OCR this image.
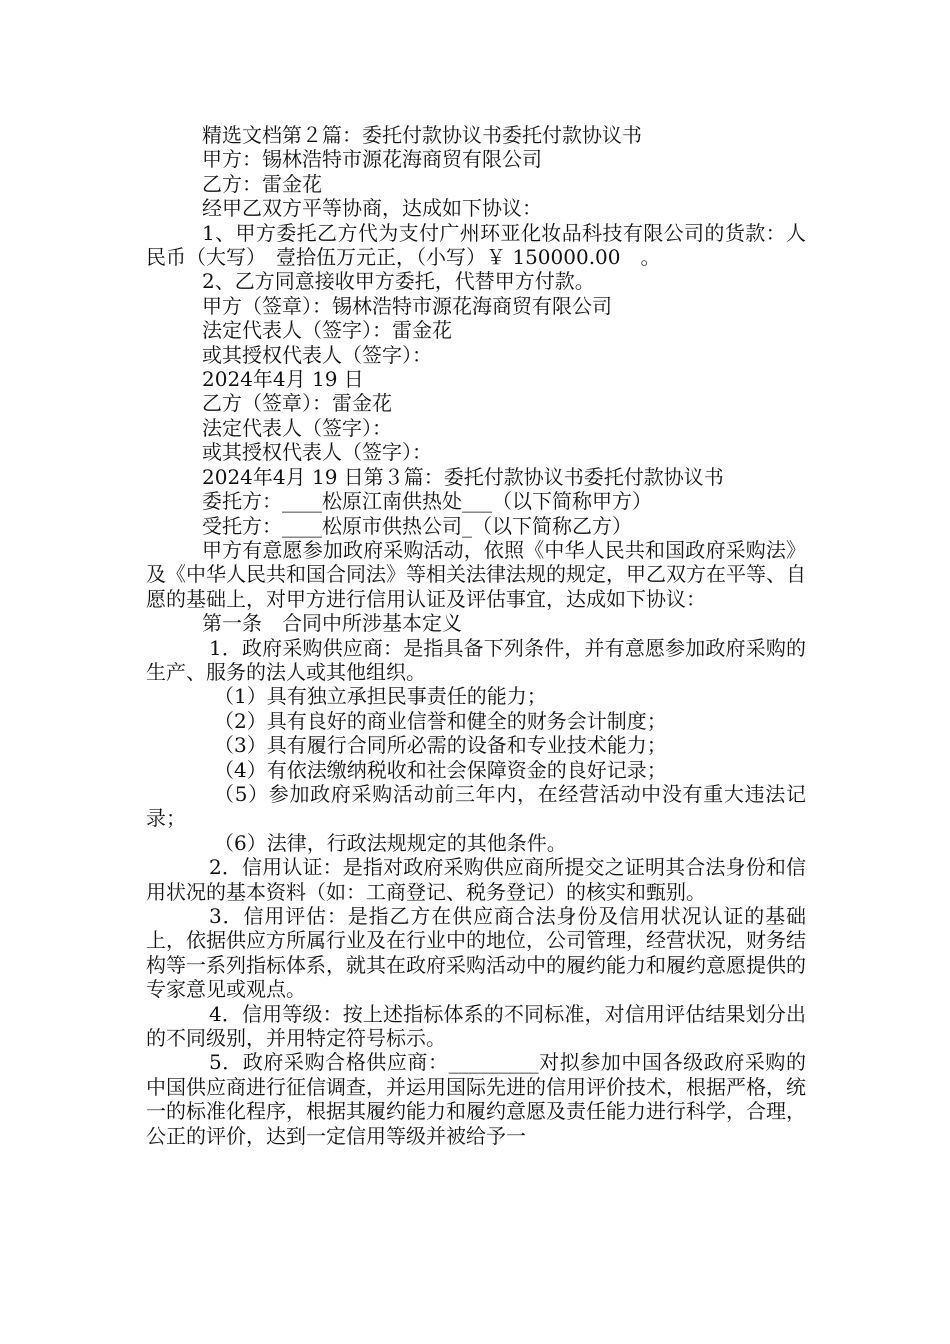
精选文档第２篇：委托付款协议书委托付款协议书

甲方：锡林浩特市源花海商贸有限公司

乙方：雷金花

经甲乙双方平等协商，达成如下协议：

1、甲方委托乙方代为支付广州环亚化妆品科技有限公司的货款：人民币（大写）　壹拾伍万元正，（小写）￥ 150000.00　。

2、乙方同意接收甲方委托，代替甲方付款。

甲方（签章）：锡林浩特市源花海商贸有限公司

法定代表人（签字）：雷金花

或其授权代表人（签字）：

2024年4月 19 日

乙方（签章）：雷金花

法定代表人（签字）：

或其授权代表人（签字）：

2024年4月 19 日第３篇：委托付款协议书委托付款协议书

委托方：____松原江南供热处___（以下简称甲方）

受托方：____松原市供热公司_（以下简称乙方）

甲方有意愿参加政府采购活动，依照《中华人民共和国政府采购法》及《中华人民共和国合同法》等相关法律法规的规定，甲乙双方在平等、自愿的基础上，对甲方进行信用认证及评估事宜，达成如下协议：

第一条　合同中所涉基本定义

1．政府采购供应商：是指具备下列条件，并有意愿参加政府采购的生产、服务的法人或其他组织。

（1）具有独立承担民事责任的能力；

（2）具有良好的商业信誉和健全的财务会计制度；

（3）具有履行合同所必需的设备和专业技术能力；

（4）有依法缴纳税收和社会保障资金的良好记录；

（5）参加政府采购活动前三年内，在经营活动中没有重大违法记录；

（6）法律，行政法规规定的其他条件。

2．信用认证：是指对政府采购供应商所提交之证明其合法身份和信用状况的基本资料（如：工商登记、税务登记）的核实和甄别。

3．信用评估：是指乙方在供应商合法身份及信用状况认证的基础上，依据供应方所属行业及在行业中的地位，公司管理，经营状况，财务结构等一系列指标体系，就其在政府采购活动中的履约能力和履约意愿提供的专家意见或观点。

4．信用等级：按上述指标体系的不同标准，对信用评估结果划分出的不同级别，并用特定符号标示。

5．政府采购合格供应商：_________对拟参加中国各级政府采购的中国供应商进行征信调查，并运用国际先进的信用评价技术，根据严格，统一的标准化程序，根据其履约能力和履约意愿及责任能力进行科学，合理，公正的评价，达到一定信用等级并被给予一
